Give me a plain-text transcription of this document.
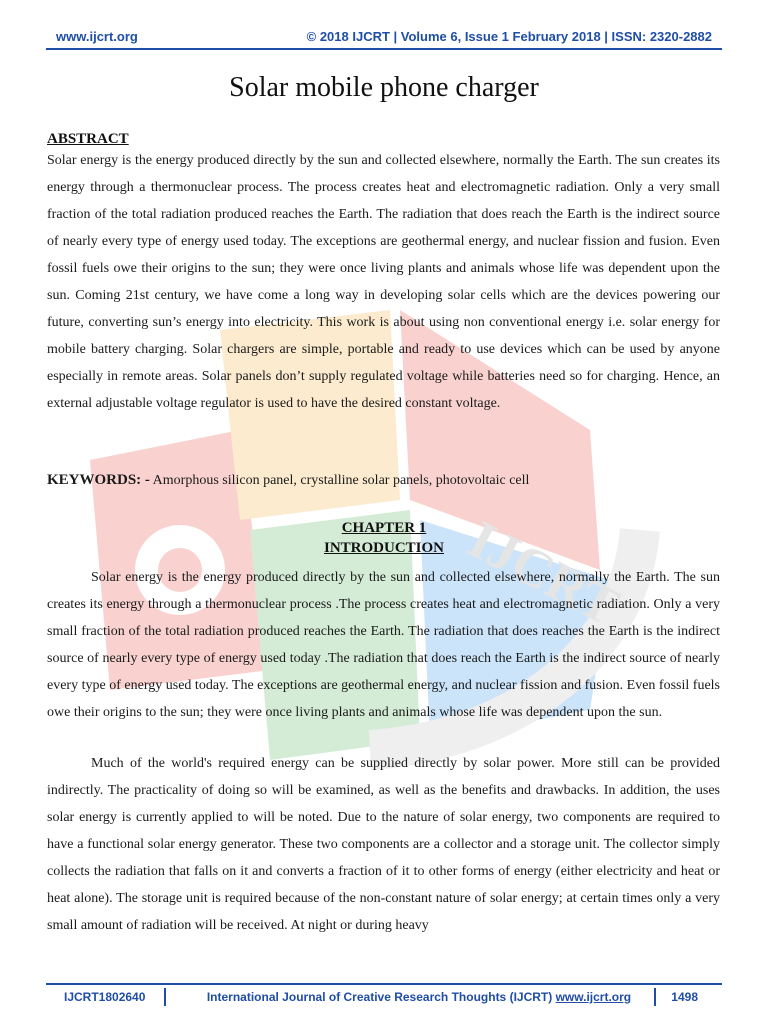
IJCRT
www.ijcrt.org	© 2018 IJCRT | Volume 6, Issue 1 February 2018 | ISSN: 2320-2882
Solar mobile phone charger
ABSTRACT
Solar energy is the energy produced directly by the sun and collected elsewhere, normally the Earth. The sun creates its energy through a thermonuclear process. The process creates heat and electromagnetic radiation. Only a very small fraction of the total radiation produced reaches the Earth. The radiation that does reach the Earth is the indirect source of nearly every type of energy used today. The exceptions are geothermal energy, and nuclear fission and fusion. Even fossil fuels owe their origins to the sun; they were once living plants and animals whose life was dependent upon the sun. Coming 21st century, we have come a long way in developing solar cells which are the devices powering our future, converting sun’s energy into electricity. This work is about using non conventional energy i.e. solar energy for mobile battery charging. Solar chargers are simple, portable and ready to use devices which can be used by anyone especially in remote areas. Solar panels don’t supply regulated voltage while batteries need so for charging. Hence, an external adjustable voltage regulator is used to have the desired constant voltage.
KEYWORDS: - Amorphous silicon panel, crystalline solar panels, photovoltaic cell
CHAPTER 1
INTRODUCTION
Solar energy is the energy produced directly by the sun and collected elsewhere, normally the Earth. The sun creates its energy through a thermonuclear process .The process creates heat and electromagnetic radiation. Only a very small fraction of the total radiation produced reaches the Earth. The radiation that does reaches the Earth is the indirect source of nearly every type of energy used today .The radiation that does reach the Earth is the indirect source of nearly every type of energy used today. The exceptions are geothermal energy, and nuclear fission and fusion. Even fossil fuels owe their origins to the sun; they were once living plants and animals whose life was dependent upon the sun.
Much of the world's required energy can be supplied directly by solar power. More still can be provided indirectly. The practicality of doing so will be examined, as well as the benefits and drawbacks. In addition, the uses solar energy is currently applied to will be noted. Due to the nature of solar energy, two components are required to have a functional solar energy generator. These two components are a collector and a storage unit. The collector simply collects the radiation that falls on it and converts a fraction of it to other forms of energy (either electricity and heat or heat alone). The storage unit is required because of the non-constant nature of solar energy; at certain times only a very small amount of radiation will be received. At night or during heavy
IJCRT1802640	International Journal of Creative Research Thoughts (IJCRT) www.ijcrt.org	1498
